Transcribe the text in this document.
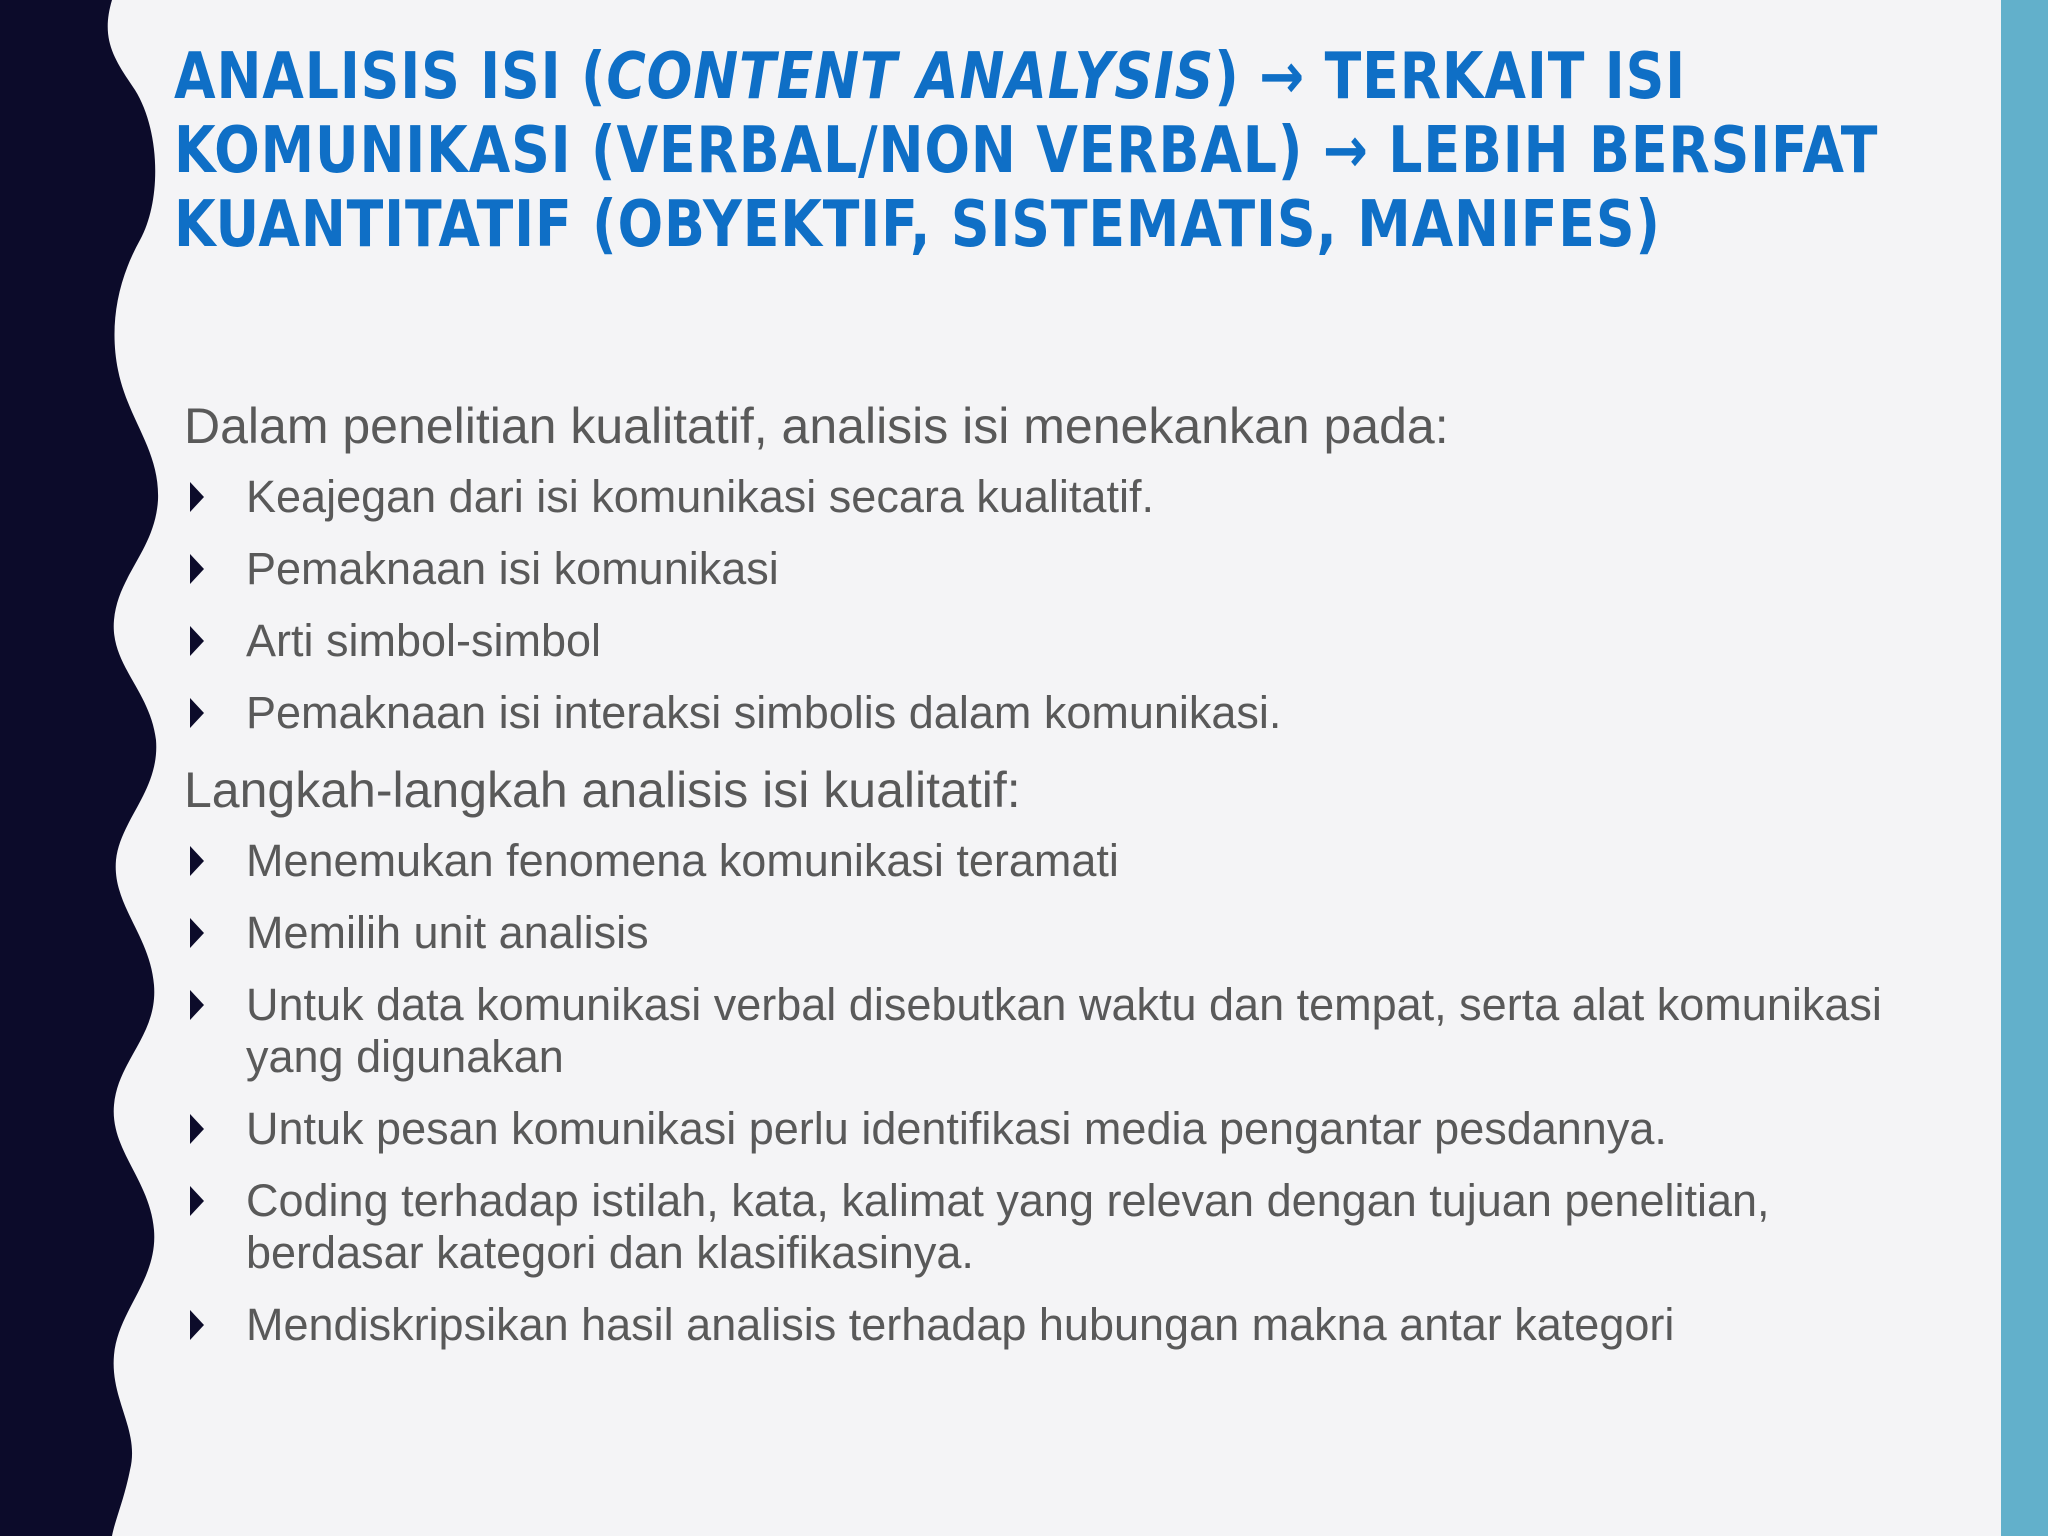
ANALISIS ISI (CONTENT ANALYSIS) → TERKAIT ISI
KOMUNIKASI (VERBAL/NON VERBAL) → LEBIH BERSIFAT
KUANTITATIF (OBYEKTIF, SISTEMATIS, MANIFES)

Dalam penelitian kualitatif, analisis isi menekankan pada:

Keajegan dari isi komunikasi secara kualitatif.
Pemaknaan isi komunikasi
Arti simbol-simbol
Pemaknaan isi interaksi simbolis dalam komunikasi.

Langkah-langkah analisis isi kualitatif:

Menemukan fenomena komunikasi teramati
Memilih unit analisis
Untuk data komunikasi verbal disebutkan waktu dan tempat, serta alat komunikasi yang digunakan
Untuk pesan komunikasi perlu identifikasi media pengantar pesdannya.
Coding terhadap istilah, kata, kalimat yang relevan dengan tujuan penelitian, berdasar kategori dan klasifikasinya.
Mendiskripsikan hasil analisis terhadap hubungan makna antar kategori
